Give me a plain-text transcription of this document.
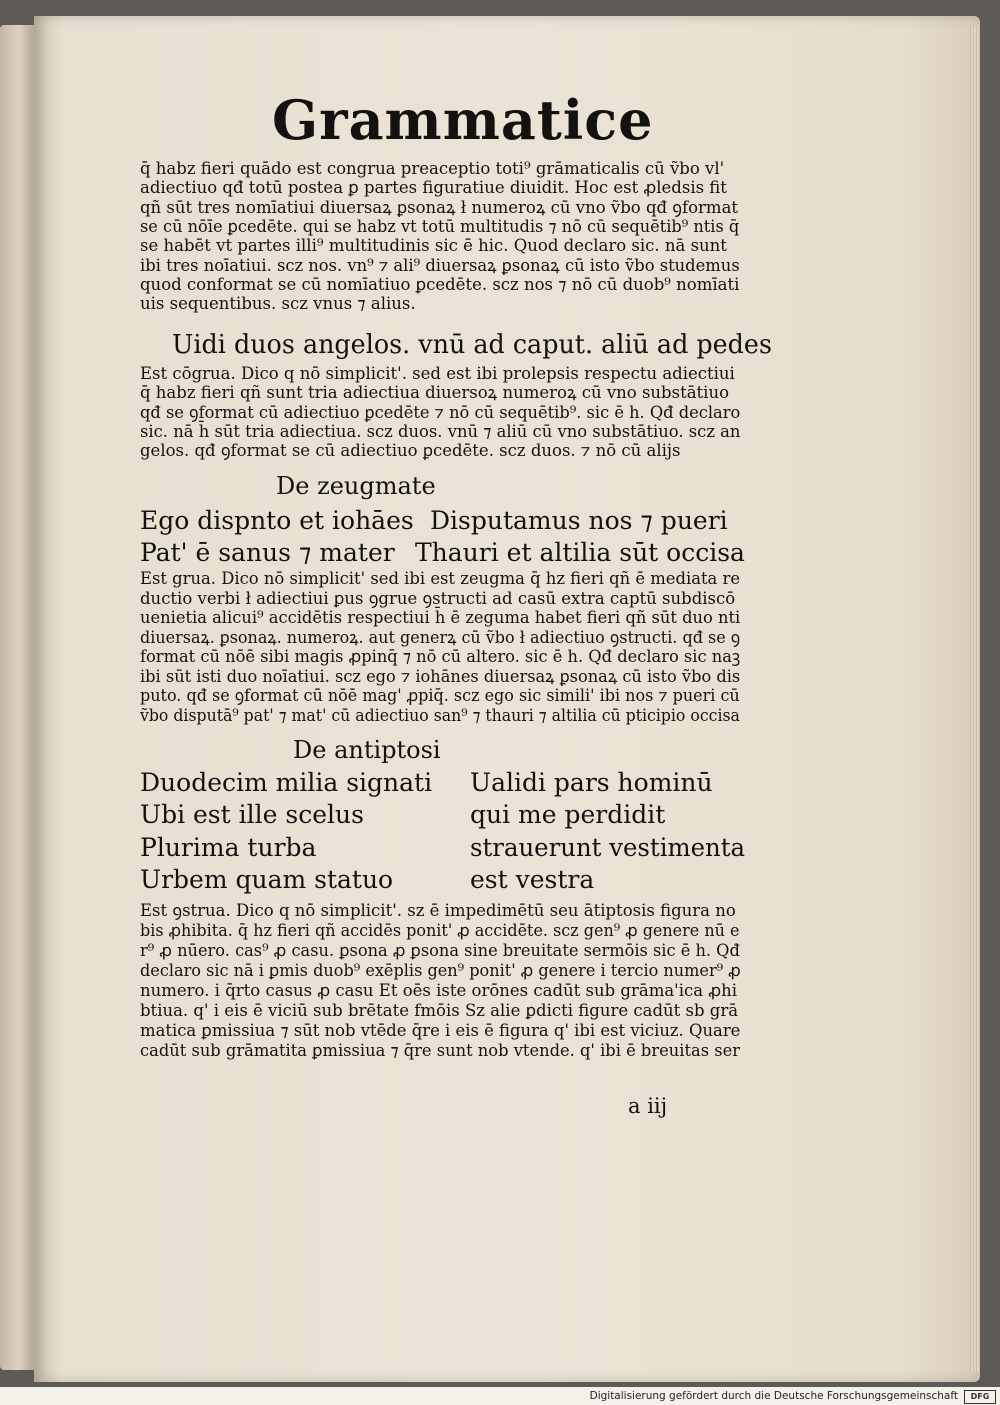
Grammatice
q̄ habz fieri quādo est congrua preaceptio toti⁹ grāmaticalis cū ṽbo vl'
adiectiuo qđ totū postea ꝑ partes figuratiue diuidit. Hoc est ꝓledsis fit
qñ sūt tres nomīatiui diuersaꝝ ꝑsonaꝝ ł numeroꝝ cū vno ṽbo qđ ꝯformat
se cū nōīe ꝑcedēte. qui se habz vt totū multitudis ⁊ nō cū sequētib⁹ ntis q̄
se habēt vt partes illi⁹ multitudinis sic ē hic. Quod declaro sic. nā sunt
ibi tres noīatiui. scz nos. vn⁹ ⁊ ali⁹ diuersaꝝ ꝑsonaꝝ cū isto ṽbo studemus
quod conformat se cū nomīatiuo ꝑcedēte. scz nos ⁊ nō cū duob⁹ nomīati
uis sequentibus. scz vnus ⁊ alius.
Uidi duos angelos. vnū ad caput. aliū ad pedes
Est cōgrua. Dico q nō simplicit'. sed est ibi prolepsis respectu adiectiui
q̄ habz fieri qñ sunt tria adiectiua diuersoꝝ numeroꝝ cū vno substātiuo
qđ se ꝯformat cū adiectiuo ꝑcedēte ⁊ nō cū sequētib⁹. sic ē h. Qđ declaro
sic. nā h̄ sūt tria adiectiua. scz duos. vnū ⁊ aliū cū vno substātiuo. scz an
gelos. qđ ꝯformat se cū adiectiuo ꝑcedēte. scz duos. ⁊ nō cū alijs
De zeugmate
Ego dispnto et iohāes Disputamus nos ⁊ pueri
Pat' ē sanus ⁊ mater Thauri et altilia sūt occisa
Est grua. Dico nō simplicit' sed ibi est zeugma q̄ hz fieri qñ ē mediata re
ductio verbi ł adiectiui ꝑus ꝯgrue ꝯstructi ad casū extra captū subdiscō
uenietia alicui⁹ accidētis respectiui h̄ ē zeguma habet fieri qñ sūt duo nti
diuersaꝝ. ꝑsonaꝝ. numeroꝝ. aut generꝝ cū ṽbo ł adiectiuo ꝯstructi. qđ se ꝯ
format cū nōē sibi magis ꝓpinq̄ ⁊ nō cū altero. sic ē h. Qđ declaro sic naꝫ
ibi sūt isti duo noīatiui. scz ego ⁊ iohānes diuersaꝝ ꝑsonaꝝ cū isto ṽbo dis
puto. qđ se ꝯformat cū nōē mag' ꝓpiq̄. scz ego sic simili' ibi nos ⁊ pueri cū
ṽbo disputā⁹ pat' ⁊ mat' cū adiectiuo san⁹ ⁊ thauri ⁊ altilia cū pticipio occisa
De antiptosi
Duodecim milia signati
Ubi est ille scelus
Plurima turba
Urbem quam statuo
Ualidi pars hominū
qui me perdidit
strauerunt vestimenta
est vestra
Est ꝯstrua. Dico q nō simplicit'. sz ē impedimētū seu ātiptosis figura no
bis ꝓhibita. q̄ hz fieri qñ accidēs ponit' ꝓ accidēte. scz gen⁹ ꝓ genere nū e
r⁹ ꝓ nūero. cas⁹ ꝓ casu. ꝑsona ꝓ ꝑsona sine breuitate sermōis sic ē h. Qđ
declaro sic nā i ꝑmis duob⁹ exēplis gen⁹ ponit' ꝓ genere i tercio numer⁹ ꝓ
numero. i q̄rto casus ꝓ casu Et oēs iste orōnes cadūt sub grāma'ica ꝓhi
btiua. q' i eis ē viciū sub brētate fmōis Sz alie ꝑdicti figure cadūt sb grā
matica ꝑmissiua ⁊ sūt nob vtēde q̄re i eis ē figura q' ibi est viciuz. Quare
cadūt sub grāmatita ꝑmissiua ⁊ q̄re sunt nob vtende. q' ibi ē breuitas ser
a iij
Digitalisierung gefördert durch die Deutsche Forschungsgemeinschaft	DFG
